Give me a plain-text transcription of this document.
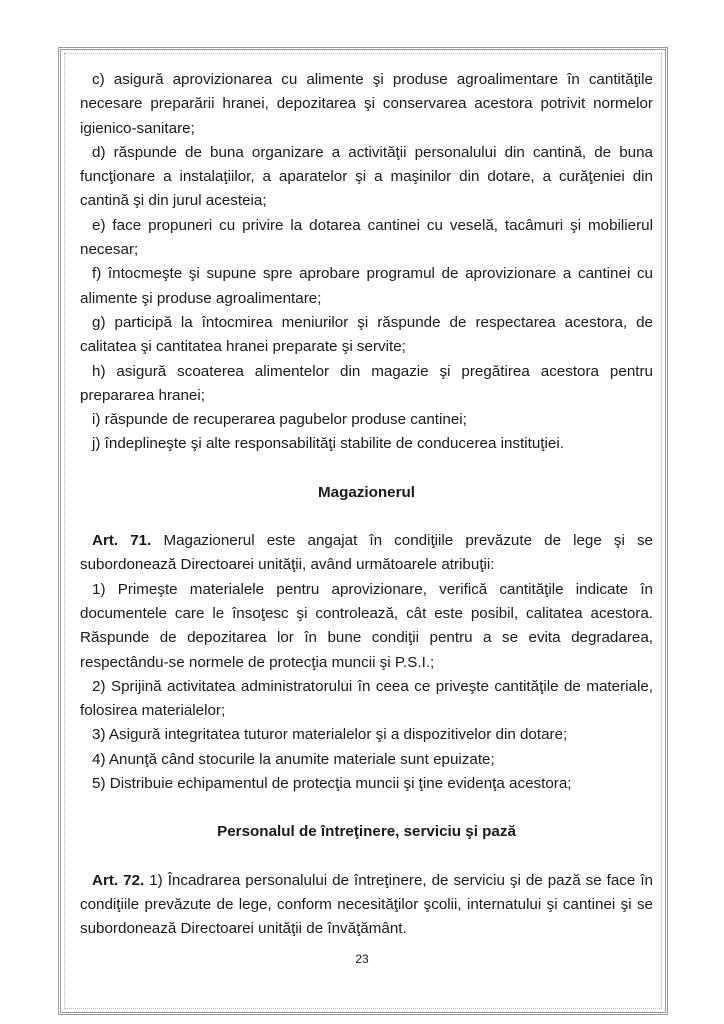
c) asigură aprovizionarea cu alimente şi produse agroalimentare în cantităţile necesare preparării hranei, depozitarea şi conservarea acestora potrivit normelor igienico-sanitare;

d) răspunde de buna organizare a activităţii personalului din cantină, de buna funcţionare a instalaţiilor, a aparatelor şi a maşinilor din dotare, a curăţeniei din cantină şi din jurul acesteia;

e) face propuneri cu privire la dotarea cantinei cu veselă, tacâmuri şi mobilierul necesar;

f) întocmeşte şi supune spre aprobare programul de aprovizionare a cantinei cu alimente şi produse agroalimentare;

g) participă la întocmirea meniurilor şi răspunde de respectarea acestora, de calitatea şi cantitatea hranei preparate şi servite;

h) asigură scoaterea alimentelor din magazie şi pregătirea acestora pentru prepararea hranei;

i) răspunde de recuperarea pagubelor produse cantinei;

j) îndeplineşte şi alte responsabilităţi stabilite de conducerea instituţiei.

Magazionerul

Art. 71. Magazionerul este angajat în condiţiile prevăzute de lege şi se subordonează Directoarei unităţii, având următoarele atribuţii:

1) Primeşte materialele pentru aprovizionare, verifică cantităţile indicate în documentele care le însoţesc şi controlează, cât este posibil, calitatea acestora. Răspunde de depozitarea lor în bune condiţii pentru a se evita degradarea, respectându-se normele de protecţia muncii şi P.S.I.;

2) Sprijină activitatea administratorului în ceea ce priveşte cantităţile de materiale, folosirea materialelor;

3) Asigură integritatea tuturor materialelor şi a dispozitivelor din dotare;

4) Anunţă când stocurile la anumite materiale sunt epuizate;

5) Distribuie echipamentul de protecţia muncii şi ţine evidenţa acestora;

Personalul de întreţinere, serviciu şi pază

Art. 72. 1) Încadrarea personalului de întreţinere, de serviciu şi de pază se face în condiţiile prevăzute de lege, conform necesităţilor şcolii, internatului şi cantinei şi se subordonează Directoarei unităţii de învăţământ.

23
